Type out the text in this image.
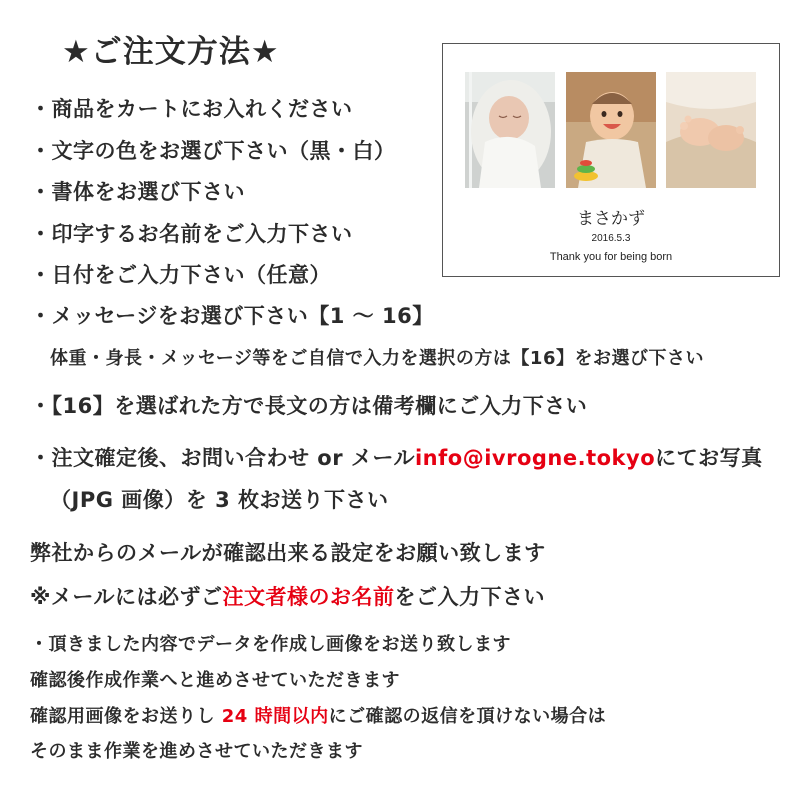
★ご注文方法★
・商品をカートにお入れください
・文字の色をお選び下さい（黒・白）
・書体をお選び下さい
・印字するお名前をご入力下さい
・日付をご入力下さい（任意）
・メッセージをお選び下さい【1 ～ 16】
体重・身長・メッセージ等をご自信で入力を選択の方は【16】をお選び下さい
・【16】を選ばれた方で長文の方は備考欄にご入力下さい
・注文確定後、お問い合わせ or メールinfo@ivrogne.tokyoにてお写真
（JPG 画像）を 3 枚お送り下さい
弊社からのメールが確認出来る設定をお願い致します
※メールには必ずご注文者様のお名前をご入力下さい
・頂きました内容でデータを作成し画像をお送り致します
確認後作成作業へと進めさせていただきます
確認用画像をお送りし 24 時間以内にご確認の返信を頂けない場合は
そのまま作業を進めさせていただきます
まさかず
2016.5.3
Thank you for being born
